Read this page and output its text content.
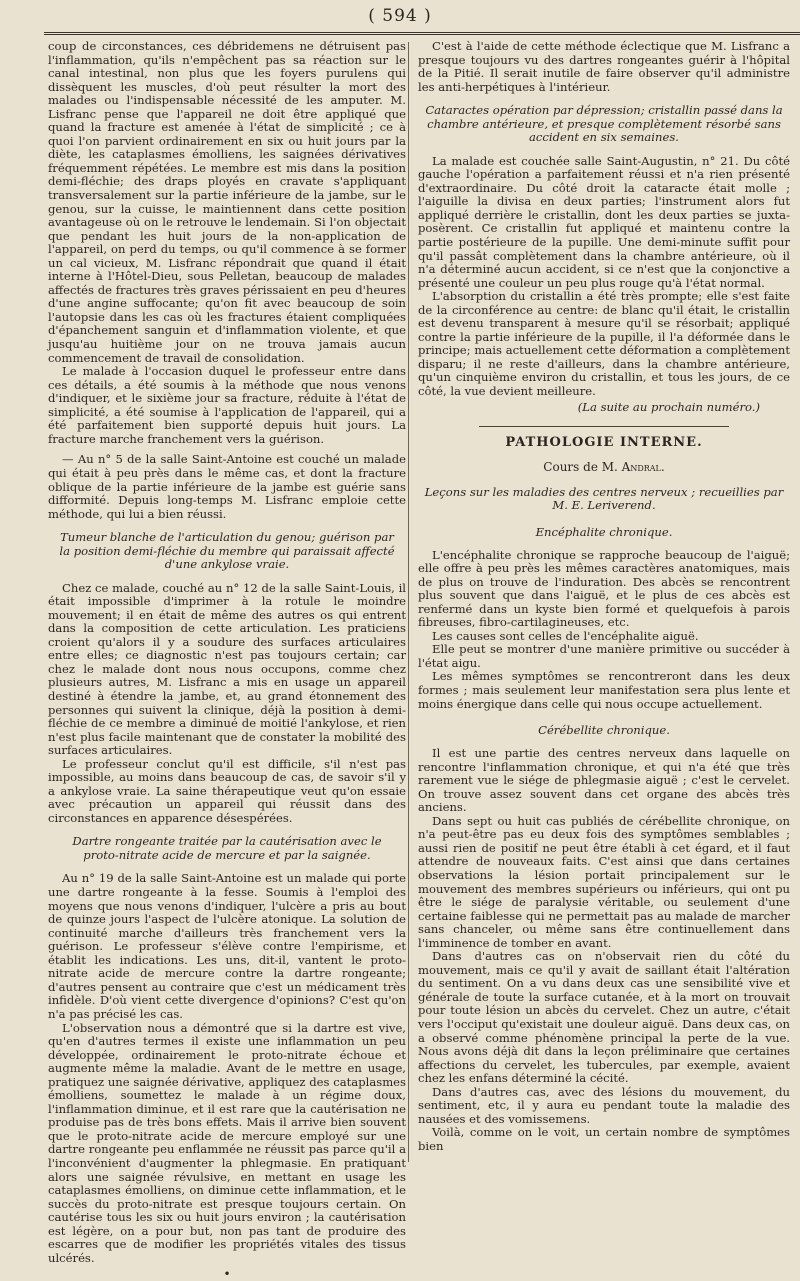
( 594 )

coup de circonstances, ces débridemens ne détruisent pas l'inflammation, qu'ils n'empêchent pas sa réaction sur le canal intestinal, non plus que les foyers purulens qui dissèquent les muscles, d'où peut résulter la mort des malades ou l'indispensable nécessité de les amputer. M. Lisfranc pense que l'appareil ne doit être appliqué que quand la fracture est amenée à l'état de simplicité ; ce à quoi l'on parvient ordinairement en six ou huit jours par la diète, les cataplasmes émolliens, les saignées dérivatives fréquemment répétées. Le membre est mis dans la position demi-fléchie; des draps ployés en cravate s'appliquant transversalement sur la partie inférieure de la jambe, sur le genou, sur la cuisse, le maintiennent dans cette position avantageuse où on le retrouve le lendemain. Si l'on objectait que pendant les huit jours de la non-application de l'appareil, on perd du temps, ou qu'il commence à se former un cal vicieux, M. Lisfranc répondrait que quand il était interne à l'Hôtel-Dieu, sous Pelletan, beaucoup de malades affectés de fractures très graves périssaient en peu d'heures d'une angine suffocante; qu'on fit avec beaucoup de soin l'autopsie dans les cas où les fractures étaient compliquées d'épanchement sanguin et d'inflammation violente, et que jusqu'au huitième jour on ne trouva jamais aucun commencement de travail de consolidation.

Le malade à l'occasion duquel le professeur entre dans ces détails, a été soumis à la méthode que nous venons d'indiquer, et le sixième jour sa fracture, réduite à l'état de simplicité, a été soumise à l'application de l'appareil, qui a été parfaitement bien supporté depuis huit jours. La fracture marche franchement vers la guérison.

— Au n° 5 de la salle Saint-Antoine est couché un malade qui était à peu près dans le même cas, et dont la fracture oblique de la partie inférieure de la jambe est guérie sans difformité. Depuis long-temps M. Lisfranc emploie cette méthode, qui lui a bien réussi.

Tumeur blanche de l'articulation du genou; guérison par la position demi-fléchie du membre qui paraissait affecté d'une ankylose vraie.

Chez ce malade, couché au n° 12 de la salle Saint-Louis, il était impossible d'imprimer à la rotule le moindre mouvement; il en était de même des autres os qui entrent dans la composition de cette articulation. Les praticiens croient qu'alors il y a soudure des surfaces articulaires entre elles; ce diagnostic n'est pas toujours certain; car chez le malade dont nous nous occupons, comme chez plusieurs autres, M. Lisfranc a mis en usage un appareil destiné à étendre la jambe, et, au grand étonnement des personnes qui suivent la clinique, déjà la position à demi-fléchie de ce membre a diminué de moitié l'ankylose, et rien n'est plus facile maintenant que de constater la mobilité des surfaces articulaires.

Le professeur conclut qu'il est difficile, s'il n'est pas impossible, au moins dans beaucoup de cas, de savoir s'il y a ankylose vraie. La saine thérapeutique veut qu'on essaie avec précaution un appareil qui réussit dans des circonstances en apparence désespérées.

Dartre rongeante traitée par la cautérisation avec le proto-nitrate acide de mercure et par la saignée.

Au n° 19 de la salle Saint-Antoine est un malade qui porte une dartre rongeante à la fesse. Soumis à l'emploi des moyens que nous venons d'indiquer, l'ulcère a pris au bout de quinze jours l'aspect de l'ulcère atonique. La solution de continuité marche d'ailleurs très franchement vers la guérison. Le professeur s'élève contre l'empirisme, et établit les indications. Les uns, dit-il, vantent le proto-nitrate acide de mercure contre la dartre rongeante; d'autres pensent au contraire que c'est un médicament très infidèle. D'où vient cette divergence d'opinions? C'est qu'on n'a pas précisé les cas.

L'observation nous a démontré que si la dartre est vive, qu'en d'autres termes il existe une inflammation un peu développée, ordinairement le proto-nitrate échoue et augmente même la maladie. Avant de le mettre en usage, pratiquez une saignée dérivative, appliquez des cataplasmes émolliens, soumettez le malade à un régime doux, l'inflammation diminue, et il est rare que la cautérisation ne produise pas de très bons effets. Mais il arrive bien souvent que le proto-nitrate acide de mercure employé sur une dartre rongeante peu enflammée ne réussit pas parce qu'il a l'inconvénient d'augmenter la phlegmasie. En pratiquant alors une saignée révulsive, en mettant en usage les cataplasmes émolliens, on diminue cette inflammation, et le succès du proto-nitrate est presque toujours certain. On cautérise tous les six ou huit jours environ ; la cautérisation est légère, on a pour but, non pas tant de produire des escarres que de modifier les propriétés vitales des tissus ulcérés.

•

C'est à l'aide de cette méthode éclectique que M. Lisfranc a presque toujours vu des dartres rongeantes guérir à l'hôpital de la Pitié. Il serait inutile de faire observer qu'il administre les anti-herpétiques à l'intérieur.

Cataractes opération par dépression; cristallin passé dans la chambre antérieure, et presque complètement résorbé sans accident en six semaines.

La malade est couchée salle Saint-Augustin, n° 21. Du côté gauche l'opération a parfaitement réussi et n'a rien présenté d'extraordinaire. Du côté droit la cataracte était molle ; l'aiguille la divisa en deux parties; l'instrument alors fut appliqué derrière le cristallin, dont les deux parties se juxta-posèrent. Ce cristallin fut appliqué et maintenu contre la partie postérieure de la pupille. Une demi-minute suffit pour qu'il passât complètement dans la chambre antérieure, où il n'a déterminé aucun accident, si ce n'est que la conjonctive a présenté une couleur un peu plus rouge qu'à l'état normal.

L'absorption du cristallin a été très prompte; elle s'est faite de la circonférence au centre: de blanc qu'il était, le cristallin est devenu transparent à mesure qu'il se résorbait; appliqué contre la partie inférieure de la pupille, il l'a déformée dans le principe; mais actuellement cette déformation a complètement disparu; il ne reste d'ailleurs, dans la chambre antérieure, qu'un cinquième environ du cristallin, et tous les jours, de ce côté, la vue devient meilleure.

(La suite au prochain numéro.)
PATHOLOGIE INTERNE.
Cours de M. Andral.
Leçons sur les maladies des centres nerveux ; recueillies par M. E. Leriverend.
Encéphalite chronique.

L'encéphalite chronique se rapproche beaucoup de l'aiguë; elle offre à peu près les mêmes caractères anatomiques, mais de plus on trouve de l'induration. Des abcès se rencontrent plus souvent que dans l'aiguë, et le plus de ces abcès est renfermé dans un kyste bien formé et quelquefois à parois fibreuses, fibro-cartilagineuses, etc.

Les causes sont celles de l'encéphalite aiguë.

Elle peut se montrer d'une manière primitive ou succéder à l'état aigu.

Les mêmes symptômes se rencontreront dans les deux formes ; mais seulement leur manifestation sera plus lente et moins énergique dans celle qui nous occupe actuellement.

Cérébellite chronique.

Il est une partie des centres nerveux dans laquelle on rencontre l'inflammation chronique, et qui n'a été que très rarement vue le siége de phlegmasie aiguë ; c'est le cervelet. On trouve assez souvent dans cet organe des abcès très anciens.

Dans sept ou huit cas publiés de cérébellite chronique, on n'a peut-être pas eu deux fois des symptômes semblables ; aussi rien de positif ne peut être établi à cet égard, et il faut attendre de nouveaux faits. C'est ainsi que dans certaines observations la lésion portait principalement sur le mouvement des membres supérieurs ou inférieurs, qui ont pu être le siége de paralysie véritable, ou seulement d'une certaine faiblesse qui ne permettait pas au malade de marcher sans chanceler, ou même sans être continuellement dans l'imminence de tomber en avant.

Dans d'autres cas on n'observait rien du côté du mouvement, mais ce qu'il y avait de saillant était l'altération du sentiment. On a vu dans deux cas une sensibilité vive et générale de toute la surface cutanée, et à la mort on trouvait pour toute lésion un abcès du cervelet. Chez un autre, c'était vers l'occiput qu'existait une douleur aiguë. Dans deux cas, on a observé comme phénomène principal la perte de la vue. Nous avons déjà dit dans la leçon préliminaire que certaines affections du cervelet, les tubercules, par exemple, avaient chez les enfans déterminé la cécité.

Dans d'autres cas, avec des lésions du mouvement, du sentiment, etc, il y aura eu pendant toute la maladie des nausées et des vomissemens.

Voilà, comme on le voit, un certain nombre de symptômes bien
